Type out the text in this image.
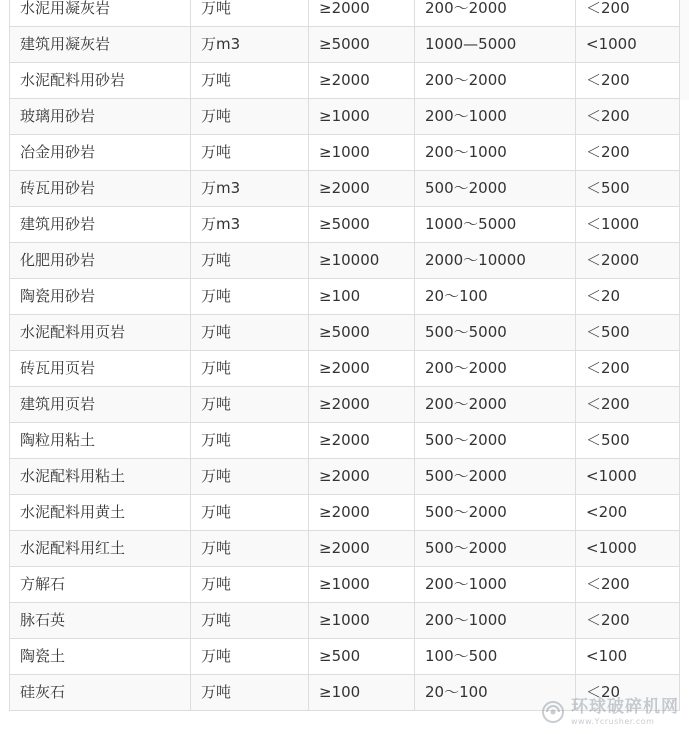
水泥用凝灰岩	万吨	≥2000	200～2000	＜200
建筑用凝灰岩	万m3	≥5000	1000—5000	<1000
水泥配料用砂岩	万吨	≥2000	200～2000	＜200
玻璃用砂岩	万吨	≥1000	200～1000	＜200
冶金用砂岩	万吨	≥1000	200～1000	＜200
砖瓦用砂岩	万m3	≥2000	500～2000	＜500
建筑用砂岩	万m3	≥5000	1000～5000	＜1000
化肥用砂岩	万吨	≥10000	2000～10000	＜2000
陶瓷用砂岩	万吨	≥100	20～100	＜20
水泥配料用页岩	万吨	≥5000	500～5000	＜500
砖瓦用页岩	万吨	≥2000	200～2000	＜200
建筑用页岩	万吨	≥2000	200～2000	＜200
陶粒用粘土	万吨	≥2000	500～2000	＜500
水泥配料用粘土	万吨	≥2000	500～2000	<1000
水泥配料用黄土	万吨	≥2000	500～2000	<200
水泥配料用红土	万吨	≥2000	500～2000	<1000
方解石	万吨	≥1000	200～1000	＜200
脉石英	万吨	≥1000	200～1000	＜200
陶瓷土	万吨	≥500	100～500	<100
硅灰石	万吨	≥100	20～100	＜20
环球破碎机网
www.Ycrusher.com
